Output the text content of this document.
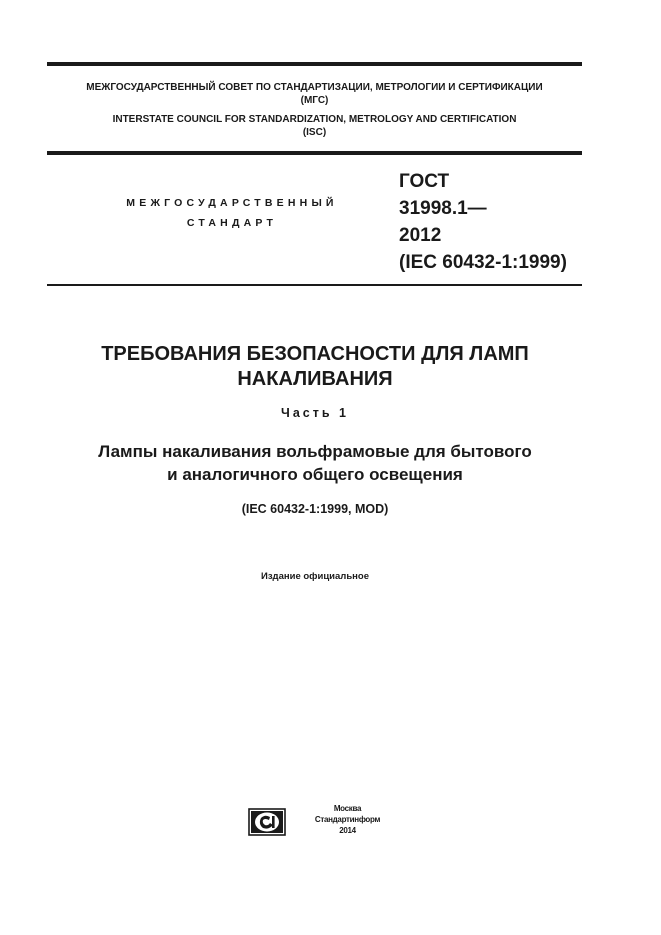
МЕЖГОСУДАРСТВЕННЫЙ СОВЕТ ПО СТАНДАРТИЗАЦИИ, МЕТРОЛОГИИ И СЕРТИФИКАЦИИ
(МГС)
INTERSTATE COUNCIL FOR STANDARDIZATION, METROLOGY AND CERTIFICATION
(ISC)
МЕЖГОСУДАРСТВЕННЫЙ
СТАНДАРТ
ГОСТ
31998.1—
2012
(IEC 60432-1:1999)
ТРЕБОВАНИЯ БЕЗОПАСНОСТИ ДЛЯ ЛАМП
НАКАЛИВАНИЯ
Часть 1
Лампы накаливания вольфрамовые для бытового
и аналогичного общего освещения
(IEC 60432-1:1999, MOD)
Издание официальное
Москва
Стандартинформ
2014
